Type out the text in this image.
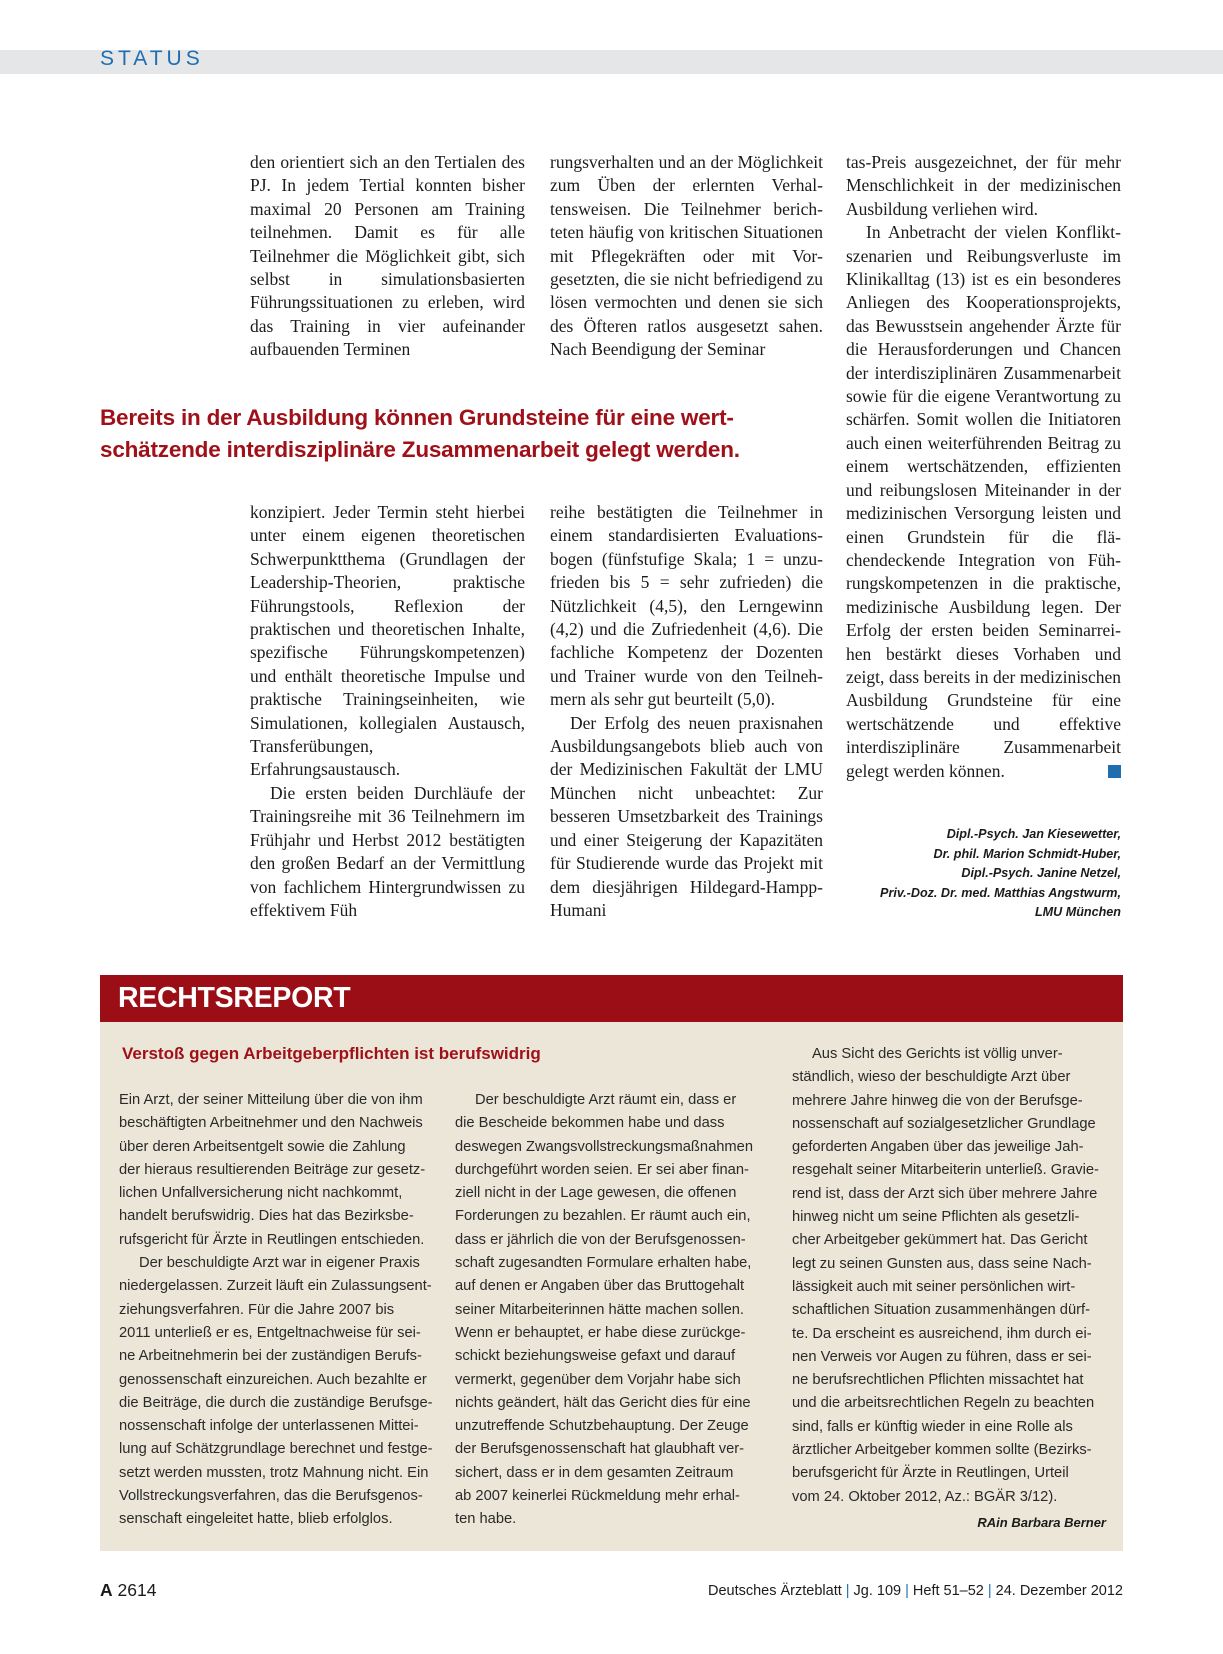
STATUS

den orientiert sich an den Tertialen des PJ. In jedem Tertial konnten bisher maximal 20 Personen am Training teilnehmen. Damit es für alle Teilnehmer die Möglichkeit gibt, sich selbst in simulationsbasierten Führungssituationen zu erleben, wird das Training in vier aufeinander aufbauenden Terminen

rungsverhalten und an der Möglichkeit zum Üben der erlernten Verhaltensweisen. Die Teilnehmer berichteten häufig von kritischen Situationen mit Pflegekräften oder mit Vorgesetzten, die sie nicht befriedigend zu lösen vermochten und denen sie sich des Öfteren ratlos ausgesetzt sahen. Nach Beendigung der Seminar

Bereits in der Ausbildung können Grundsteine für eine wertschätzende interdisziplinäre Zusammenarbeit gelegt werden.

konzipiert. Jeder Termin steht hierbei unter einem eigenen theoretischen Schwerpunktthema (Grundlagen der Leadership-Theorien, praktische Führungstools, Reflexion der praktischen und theoretischen Inhalte, spezifische Führungskompetenzen) und enthält theoretische Impulse und praktische Trainingseinheiten, wie Simulationen, kollegialen Austausch, Transferübungen, Erfahrungsaustausch.

Die ersten beiden Durchläufe der Trainingsreihe mit 36 Teilnehmern im Frühjahr und Herbst 2012 bestätigten den großen Bedarf an der Vermittlung von fachlichem Hintergrundwissen zu effektivem Füh

reihe bestätigten die Teilnehmer in einem standardisierten Evaluationsbogen (fünfstufige Skala; 1 = unzufrieden bis 5 = sehr zufrieden) die Nützlichkeit (4,5), den Lerngewinn (4,2) und die Zufriedenheit (4,6). Die fachliche Kompetenz der Dozenten und Trainer wurde von den Teilnehmern als sehr gut beurteilt (5,0).

Der Erfolg des neuen praxisnahen Ausbildungsangebots blieb auch von der Medizinischen Fakultät der LMU München nicht unbeachtet: Zur besseren Umsetzbarkeit des Trainings und einer Steigerung der Kapazitäten für Studierende wurde das Projekt mit dem diesjährigen Hildegard-Hampp-Humani

tas-Preis ausgezeichnet, der für mehr Menschlichkeit in der medizinischen Ausbildung verliehen wird.

In Anbetracht der vielen Konfliktszenarien und Reibungsverluste im Klinikalltag (13) ist es ein besonderes Anliegen des Kooperationsprojekts, das Bewusstsein angehender Ärzte für die Herausforderungen und Chancen der interdisziplinären Zusammenarbeit sowie für die eigene Verantwortung zu schärfen. Somit wollen die Initiatoren auch einen weiterführenden Beitrag zu einem wertschätzenden, effizienten und reibungslosen Miteinander in der medizinischen Versorgung leisten und einen Grundstein für die flächendeckende Integration von Führungskompetenzen in die praktische, medizinische Ausbildung legen. Der Erfolg der ersten beiden Seminarreihen bestärkt dieses Vorhaben und zeigt, dass bereits in der medizinischen Ausbildung Grundsteine für eine wertschätzende und effektive interdisziplinäre Zusammenarbeit gelegt werden können.

Dipl.-Psych. Jan Kiesewetter,
Dr. phil. Marion Schmidt-Huber,
Dipl.-Psych. Janine Netzel,
Priv.-Doz. Dr. med. Matthias Angstwurm,
LMU München
RECHTSREPORT
Verstoß gegen Arbeitgeberpflichten ist berufswidrig
Ein Arzt, der seiner Mitteilung über die von ihm
beschäftigten Arbeitnehmer und den Nachweis
über deren Arbeitsentgelt sowie die Zahlung
der hieraus resultierenden Beiträge zur gesetz-
lichen Unfallversicherung nicht nachkommt,
handelt berufswidrig. Dies hat das Bezirksbe-
rufsgericht für Ärzte in Reutlingen entschieden.
Der beschuldigte Arzt war in eigener Praxis
niedergelassen. Zurzeit läuft ein Zulassungsent-
ziehungsverfahren. Für die Jahre 2007 bis
2011 unterließ er es, Entgeltnachweise für sei-
ne Arbeitnehmerin bei der zuständigen Berufs-
genossenschaft einzureichen. Auch bezahlte er
die Beiträge, die durch die zuständige Berufsge-
nossenschaft infolge der unterlassenen Mittei-
lung auf Schätzgrundlage berechnet und festge-
setzt werden mussten, trotz Mahnung nicht. Ein
Vollstreckungsverfahren, das die Berufsgenos-
senschaft eingeleitet hatte, blieb erfolglos.
Der beschuldigte Arzt räumt ein, dass er
die Bescheide bekommen habe und dass
deswegen Zwangsvollstreckungsmaßnahmen
durchgeführt worden seien. Er sei aber finan-
ziell nicht in der Lage gewesen, die offenen
Forderungen zu bezahlen. Er räumt auch ein,
dass er jährlich die von der Berufsgenossen-
schaft zugesandten Formulare erhalten habe,
auf denen er Angaben über das Bruttogehalt
seiner Mitarbeiterinnen hätte machen sollen.
Wenn er behauptet, er habe diese zurückge-
schickt beziehungsweise gefaxt und darauf
vermerkt, gegenüber dem Vorjahr habe sich
nichts geändert, hält das Gericht dies für eine
unzutreffende Schutzbehauptung. Der Zeuge
der Berufsgenossenschaft hat glaubhaft ver-
sichert, dass er in dem gesamten Zeitraum
ab 2007 keinerlei Rückmeldung mehr erhal-
ten habe.
Aus Sicht des Gerichts ist völlig unver-
ständlich, wieso der beschuldigte Arzt über
mehrere Jahre hinweg die von der Berufsge-
nossenschaft auf sozialgesetzlicher Grundlage
geforderten Angaben über das jeweilige Jah-
resgehalt seiner Mitarbeiterin unterließ. Gravie-
rend ist, dass der Arzt sich über mehrere Jahre
hinweg nicht um seine Pflichten als gesetzli-
cher Arbeitgeber gekümmert hat. Das Gericht
legt zu seinen Gunsten aus, dass seine Nach-
lässigkeit auch mit seiner persönlichen wirt-
schaftlichen Situation zusammenhängen dürf-
te. Da erscheint es ausreichend, ihm durch ei-
nen Verweis vor Augen zu führen, dass er sei-
ne berufsrechtlichen Pflichten missachtet hat
und die arbeitsrechtlichen Regeln zu beachten
sind, falls er künftig wieder in eine Rolle als
ärztlicher Arbeitgeber kommen sollte (Bezirks-
berufsgericht für Ärzte in Reutlingen, Urteil
vom 24. Oktober 2012, Az.: BGÄR 3/12).
RAin Barbara Berner
A 2614	Deutsches Ärzteblatt | Jg. 109 | Heft 51–52 | 24. Dezember 2012
